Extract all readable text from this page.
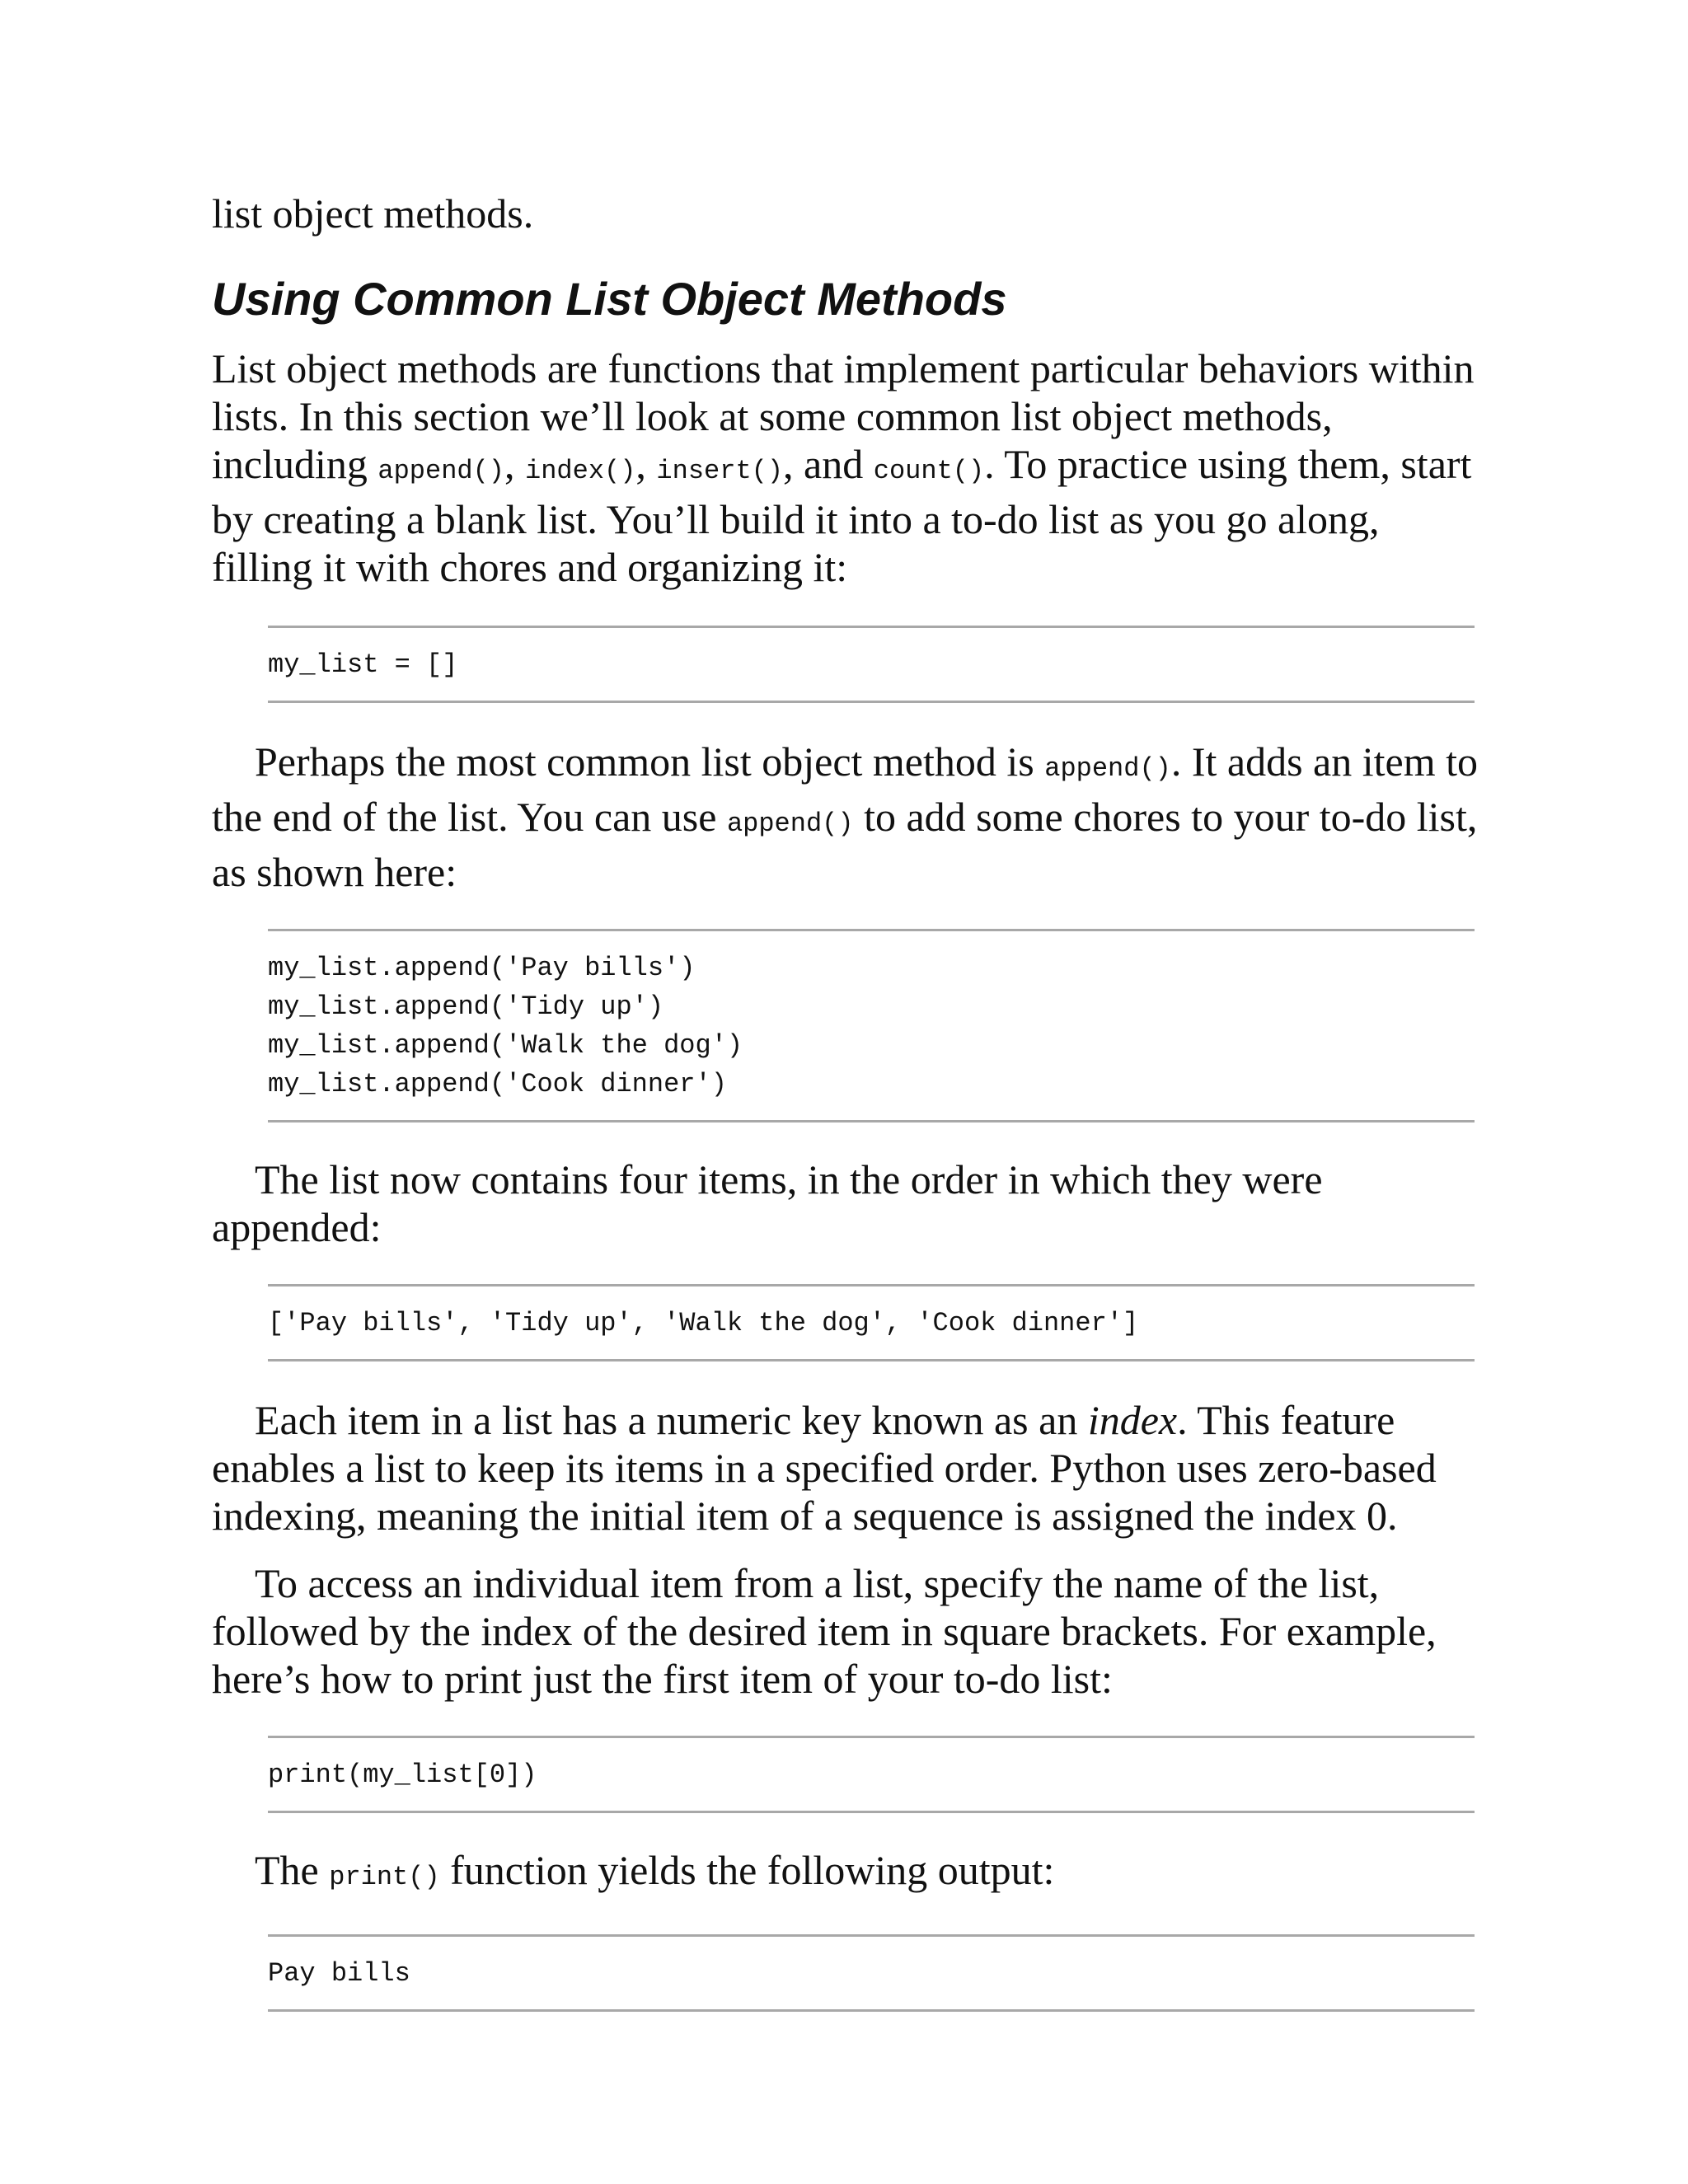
list object methods.

Using Common List Object Methods

List object methods are functions that implement particular behaviors within lists. In this section we’ll look at some common list object methods, including append(), index(), insert(), and count(). To practice using them, start by creating a blank list. You’ll build it into a to-do list as you go along, filling it with chores and organizing it:

my_list = []

Perhaps the most common list object method is append(). It adds an item to the end of the list. You can use append() to add some chores to your to-do list, as shown here:

my_list.append('Pay bills')
my_list.append('Tidy up')
my_list.append('Walk the dog')
my_list.append('Cook dinner')

The list now contains four items, in the order in which they were appended:

['Pay bills', 'Tidy up', 'Walk the dog', 'Cook dinner']

Each item in a list has a numeric key known as an index. This feature enables a list to keep its items in a specified order. Python uses zero-based indexing, meaning the initial item of a sequence is assigned the index 0.

To access an individual item from a list, specify the name of the list, followed by the index of the desired item in square brackets. For example, here’s how to print just the first item of your to-do list:

print(my_list[0])

The print() function yields the following output:

Pay bills
